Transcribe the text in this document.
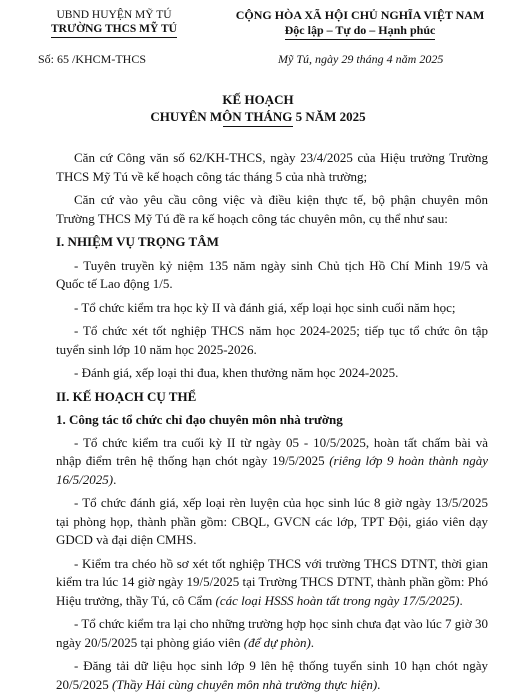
UBND HUYỆN MỸ TÚ
TRƯỜNG THCS MỸ TÚ
CỘNG HÒA XÃ HỘI CHỦ NGHĨA VIỆT NAM
Độc lập – Tự do – Hạnh phúc
Số: 65 /KHCM-THCS	Mỹ Tú, ngày 29 tháng 4 năm 2025
KẾ HOẠCH
CHUYÊN MÔN THÁNG 5 NĂM 2025

Căn cứ Công văn số 62/KH-THCS, ngày 23/4/2025 của Hiệu trưởng Trường THCS Mỹ Tú về kế hoạch công tác tháng 5 của nhà trường;

Căn cứ vào yêu cầu công việc và điều kiện thực tế, bộ phận chuyên môn Trường THCS Mỹ Tú đề ra kế hoạch công tác chuyên môn, cụ thể như sau:

I. NHIỆM VỤ TRỌNG TÂM

- Tuyên truyền kỷ niệm 135 năm ngày sinh Chủ tịch Hồ Chí Minh 19/5 và Quốc tế Lao động 1/5.

- Tổ chức kiểm tra học kỳ II và đánh giá, xếp loại học sinh cuối năm học;

- Tổ chức xét tốt nghiệp THCS năm học 2024-2025; tiếp tục tổ chức ôn tập tuyển sinh lớp 10 năm học 2025-2026.

- Đánh giá, xếp loại thi đua, khen thưởng năm học 2024-2025.

II. KẾ HOẠCH CỤ THỂ
1. Công tác tổ chức chỉ đạo chuyên môn nhà trường

- Tổ chức kiểm tra cuối kỳ II từ ngày 05 - 10/5/2025, hoàn tất chấm bài và nhập điểm trên hệ thống hạn chót ngày 19/5/2025 (riêng lớp 9 hoàn thành ngày 16/5/2025).

- Tổ chức đánh giá, xếp loại rèn luyện của học sinh lúc 8 giờ ngày 13/5/2025 tại phòng họp, thành phần gồm: CBQL, GVCN các lớp, TPT Đội, giáo viên dạy GDCD và đại diện CMHS.

- Kiểm tra chéo hồ sơ xét tốt nghiệp THCS với trường THCS DTNT, thời gian kiểm tra lúc 14 giờ ngày 19/5/2025 tại Trường THCS DTNT, thành phần gồm: Phó Hiệu trưởng, thầy Tú, cô Cẩm (các loại HSSS hoàn tất trong ngày 17/5/2025).

- Tổ chức kiểm tra lại cho những trường hợp học sinh chưa đạt vào lúc 7 giờ 30 ngày 20/5/2025 tại phòng giáo viên (để dự phòn).

- Đăng tải dữ liệu học sinh lớp 9 lên hệ thống tuyển sinh 10 hạn chót ngày 20/5/2025 (Thầy Hải cùng chuyên môn nhà trường thực hiện).
